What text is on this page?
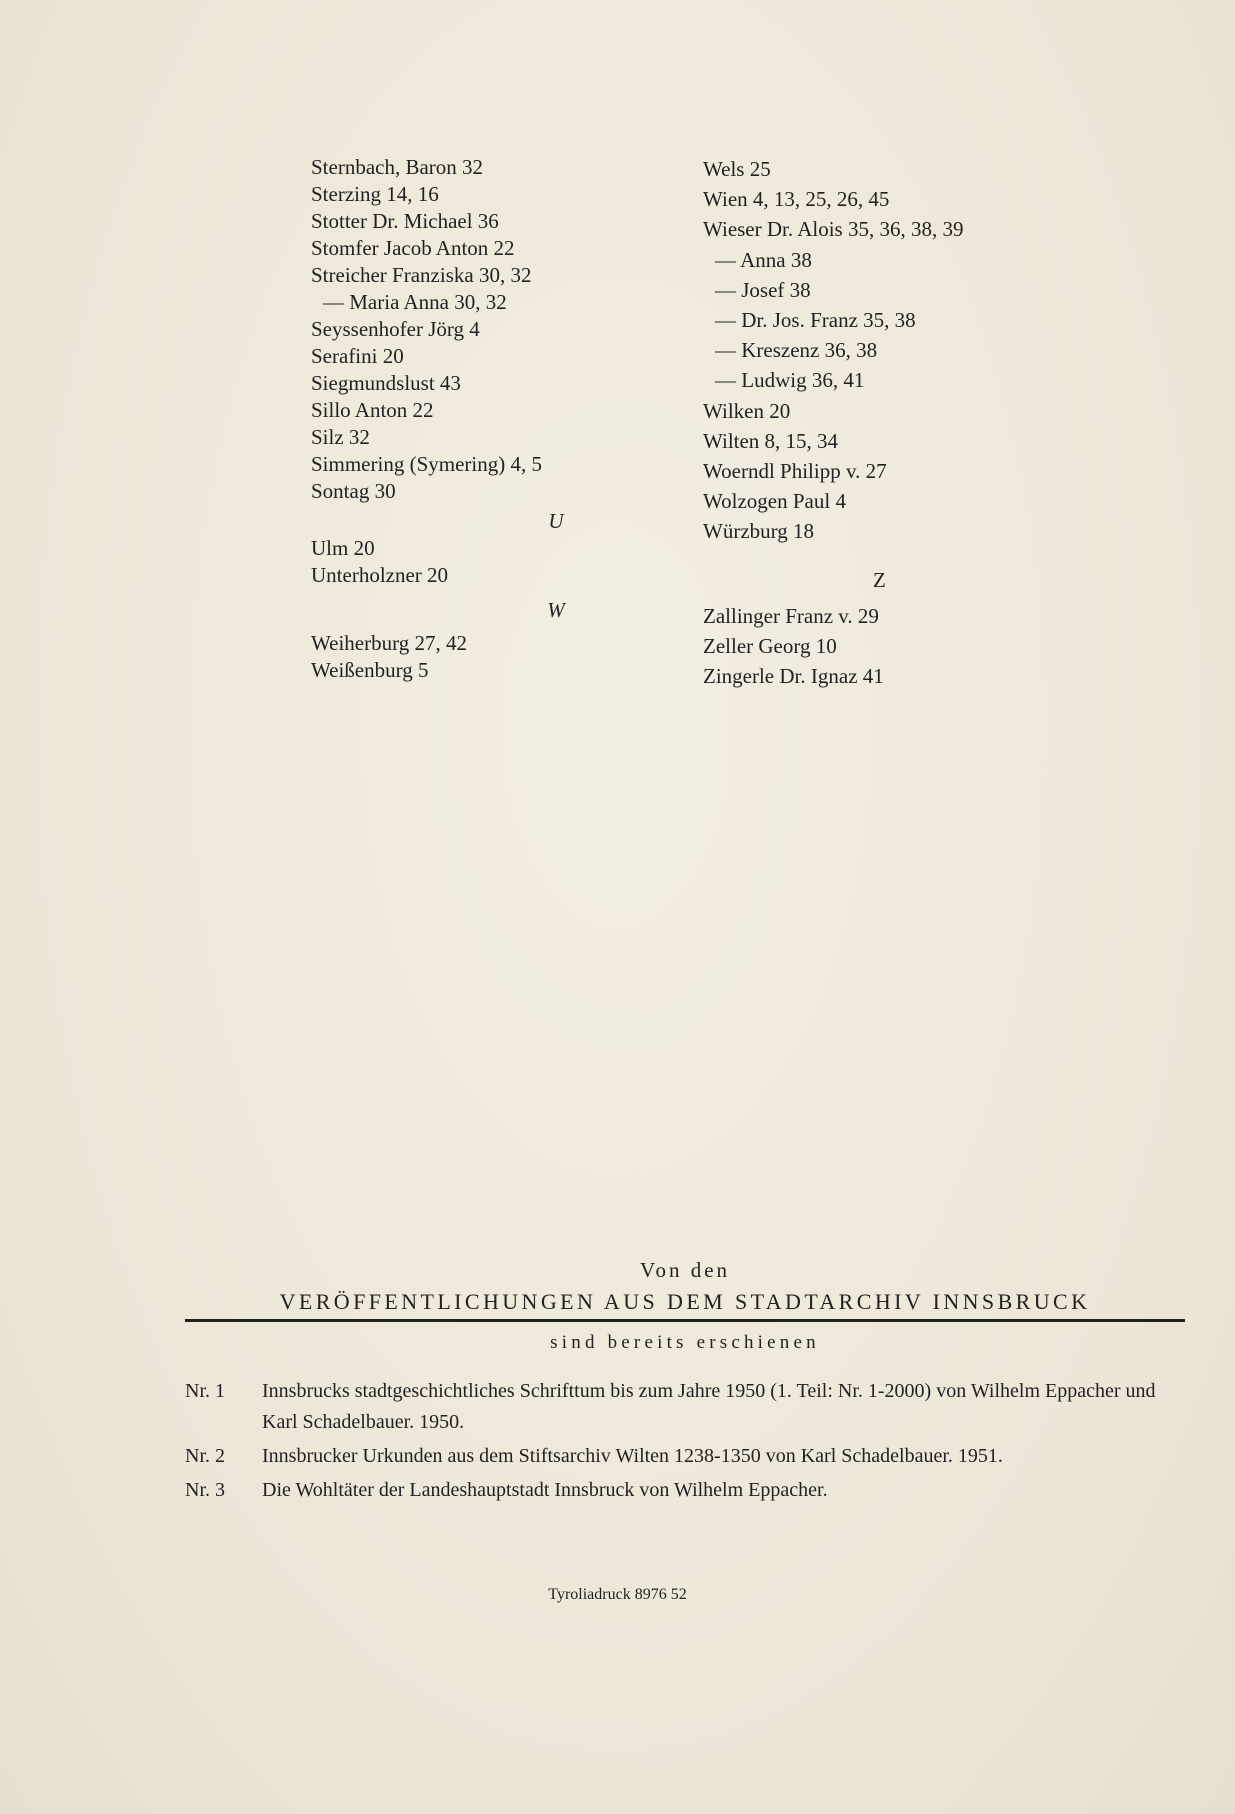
Sternbach, Baron 32
Sterzing 14, 16
Stotter Dr. Michael 36
Stomfer Jacob Anton 22
Streicher Franziska 30, 32
— Maria Anna 30, 32
Seyssenhofer Jörg 4
Serafini 20
Siegmundslust 43
Sillo Anton 22
Silz 32
Simmering (Symering) 4, 5
Sontag 30
U
Ulm 20
Unterholzner 20
W
Weiherburg 27, 42
Weißenburg 5
Wels 25
Wien 4, 13, 25, 26, 45
Wieser Dr. Alois 35, 36, 38, 39
— Anna 38
— Josef 38
— Dr. Jos. Franz 35, 38
— Kreszenz 36, 38
— Ludwig 36, 41
Wilken 20
Wilten 8, 15, 34
Woerndl Philipp v. 27
Wolzogen Paul 4
Würzburg 18
Z
Zallinger Franz v. 29
Zeller Georg 10
Zingerle Dr. Ignaz 41
Von den
VERÖFFENTLICHUNGEN AUS DEM STADTARCHIV INNSBRUCK
sind bereits erschienen
Nr. 1	Innsbrucks stadtgeschichtliches Schrifttum bis zum Jahre 1950 (1. Teil: Nr. 1-2000) von Wilhelm Eppacher und Karl Schadelbauer. 1950.
Nr. 2	Innsbrucker Urkunden aus dem Stiftsarchiv Wilten 1238-1350 von Karl Schadelbauer. 1951.
Nr. 3	Die Wohltäter der Landeshauptstadt Innsbruck von Wilhelm Eppacher.
Tyroliadruck 8976 52
